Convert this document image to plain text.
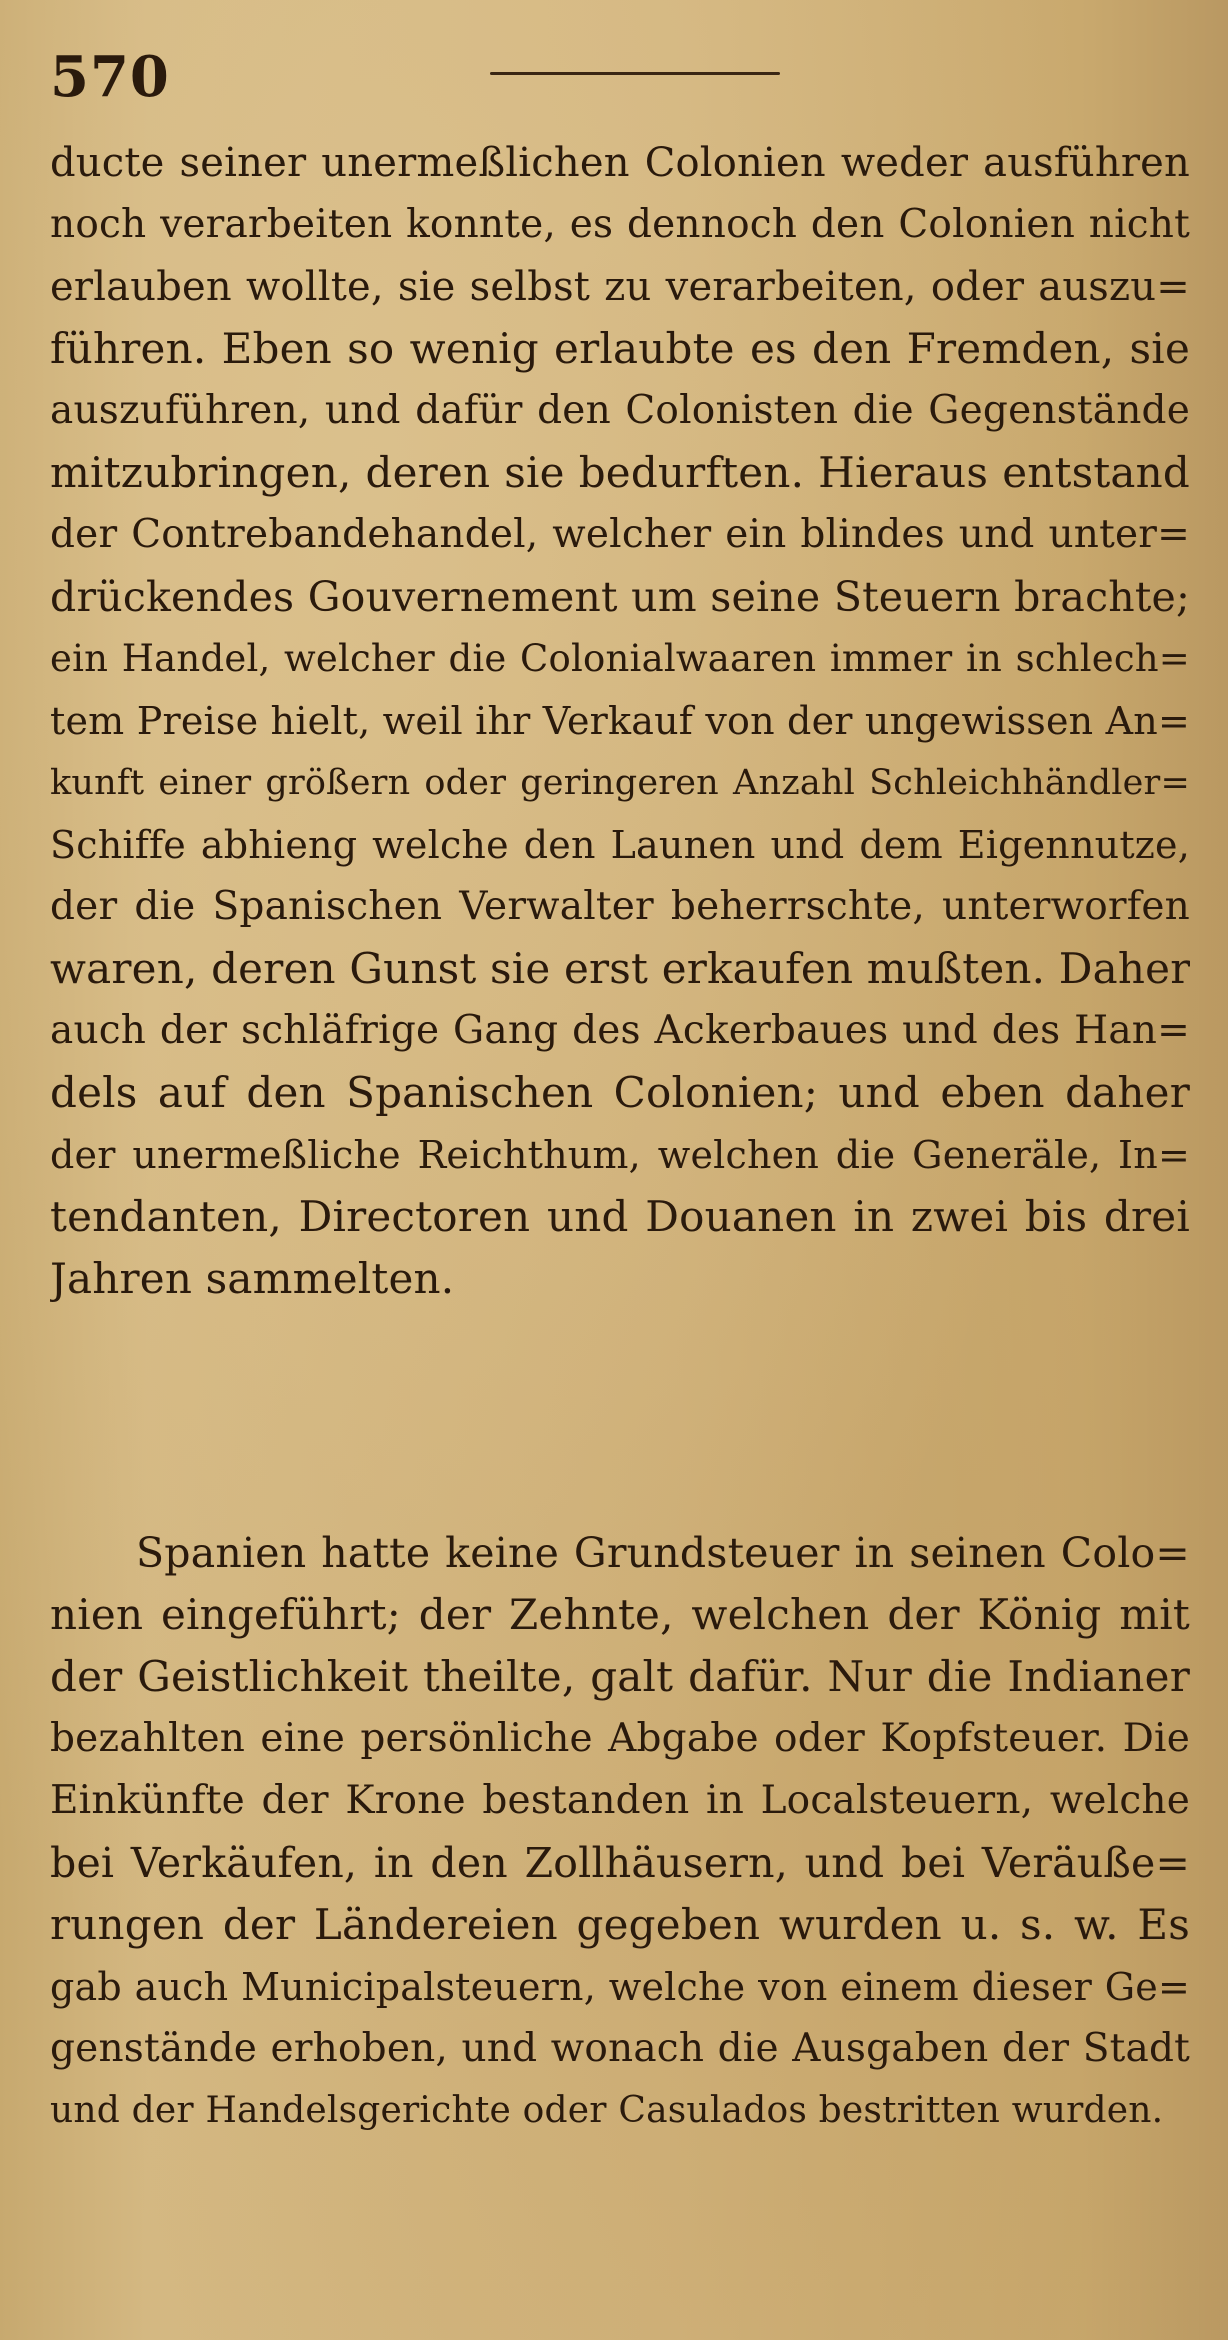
570
ducte seiner unermeßlichen Colonien weder ausführen
noch verarbeiten konnte, es dennoch den Colonien nicht
erlauben wollte, sie selbst zu verarbeiten, oder auszu=
führen. Eben so wenig erlaubte es den Fremden, sie
auszuführen, und dafür den Colonisten die Gegenstände
mitzubringen, deren sie bedurften. Hieraus entstand
der Contrebandehandel, welcher ein blindes und unter=
drückendes Gouvernement um seine Steuern brachte;
ein Handel, welcher die Colonialwaaren immer in schlech=
tem Preise hielt, weil ihr Verkauf von der ungewissen An=
kunft einer größern oder geringeren Anzahl Schleichhändler=
Schiffe abhieng welche den Launen und dem Eigennutze,
der die Spanischen Verwalter beherrschte, unterworfen
waren, deren Gunst sie erst erkaufen mußten. Daher
auch der schläfrige Gang des Ackerbaues und des Han=
dels auf den Spanischen Colonien; und eben daher
der unermeßliche Reichthum, welchen die Generäle, In=
tendanten, Directoren und Douanen in zwei bis drei
Jahren sammelten.
Spanien hatte keine Grundsteuer in seinen Colo=
nien eingeführt; der Zehnte, welchen der König mit
der Geistlichkeit theilte, galt dafür. Nur die Indianer
bezahlten eine persönliche Abgabe oder Kopfsteuer. Die
Einkünfte der Krone bestanden in Localsteuern, welche
bei Verkäufen, in den Zollhäusern, und bei Veräuße=
rungen der Ländereien gegeben wurden u. s. w. Es
gab auch Municipalsteuern, welche von einem dieser Ge=
genstände erhoben, und wonach die Ausgaben der Stadt
und der Handelsgerichte oder Casulados bestritten wurden.
